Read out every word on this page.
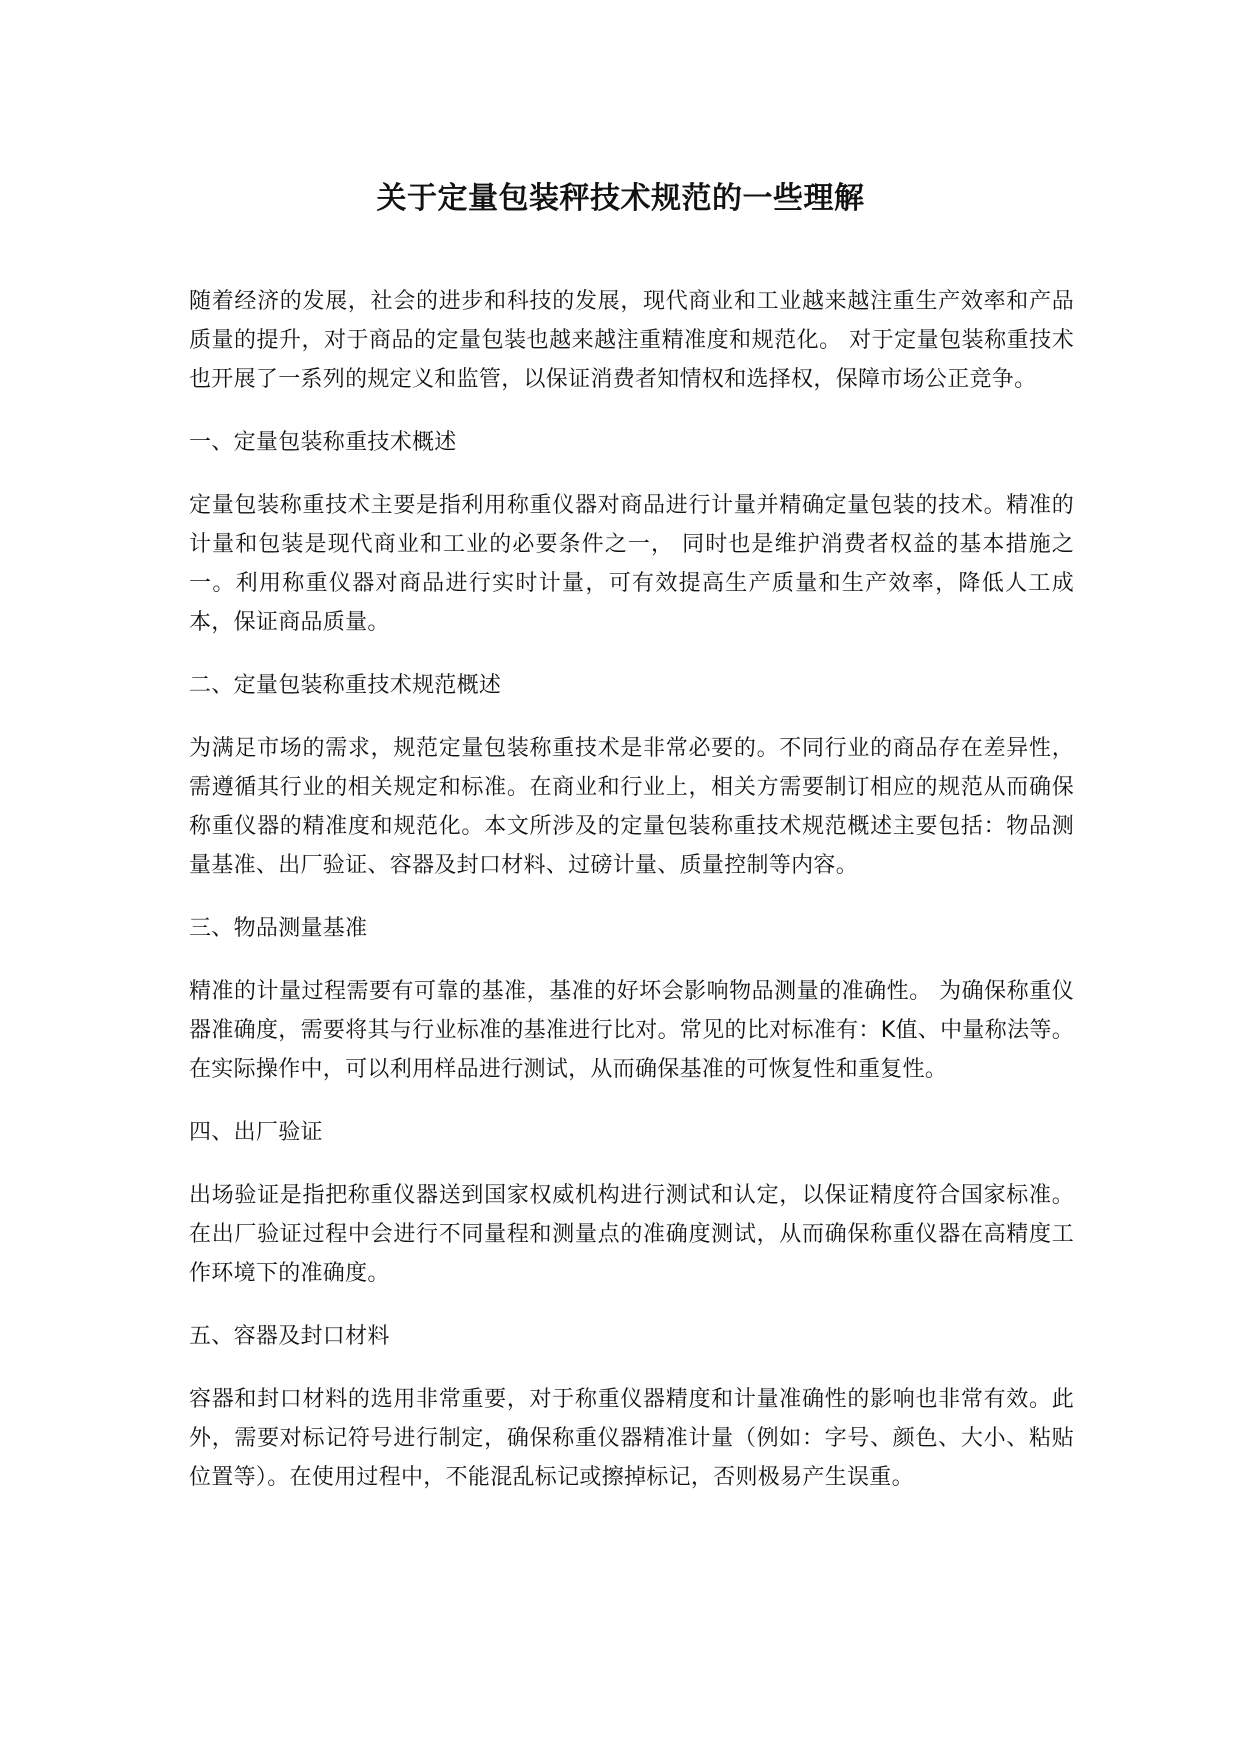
关于定量包装秤技术规范的一些理解

随着经济的发展，社会的进步和科技的发展，现代商业和工业越来越注重生产效率和产品质量的提升，对于商品的定量包装也越来越注重精准度和规范化。 对于定量包装称重技术也开展了一系列的规定义和监管，以保证消费者知情权和选择权，保障市场公正竞争。

一、定量包装称重技术概述

定量包装称重技术主要是指利用称重仪器对商品进行计量并精确定量包装的技术。精准的计量和包装是现代商业和工业的必要条件之一， 同时也是维护消费者权益的基本措施之一。利用称重仪器对商品进行实时计量，可有效提高生产质量和生产效率，降低人工成本，保证商品质量。

二、定量包装称重技术规范概述

为满足市场的需求，规范定量包装称重技术是非常必要的。不同行业的商品存在差异性，需遵循其行业的相关规定和标准。在商业和行业上，相关方需要制订相应的规范从而确保称重仪器的精准度和规范化。本文所涉及的定量包装称重技术规范概述主要包括：物品测量基准、出厂验证、容器及封口材料、过磅计量、质量控制等内容。

三、物品测量基准

精准的计量过程需要有可靠的基准，基准的好坏会影响物品测量的准确性。 为确保称重仪器准确度，需要将其与行业标准的基准进行比对。常见的比对标准有：K值、中量称法等。在实际操作中，可以利用样品进行测试，从而确保基准的可恢复性和重复性。

四、出厂验证

出场验证是指把称重仪器送到国家权威机构进行测试和认定，以保证精度符合国家标准。在出厂验证过程中会进行不同量程和测量点的准确度测试，从而确保称重仪器在高精度工作环境下的准确度。

五、容器及封口材料

容器和封口材料的选用非常重要，对于称重仪器精度和计量准确性的影响也非常有效。此外，需要对标记符号进行制定，确保称重仪器精准计量（例如：字号、颜色、大小、粘贴位置等）。在使用过程中，不能混乱标记或擦掉标记，否则极易产生误重。
